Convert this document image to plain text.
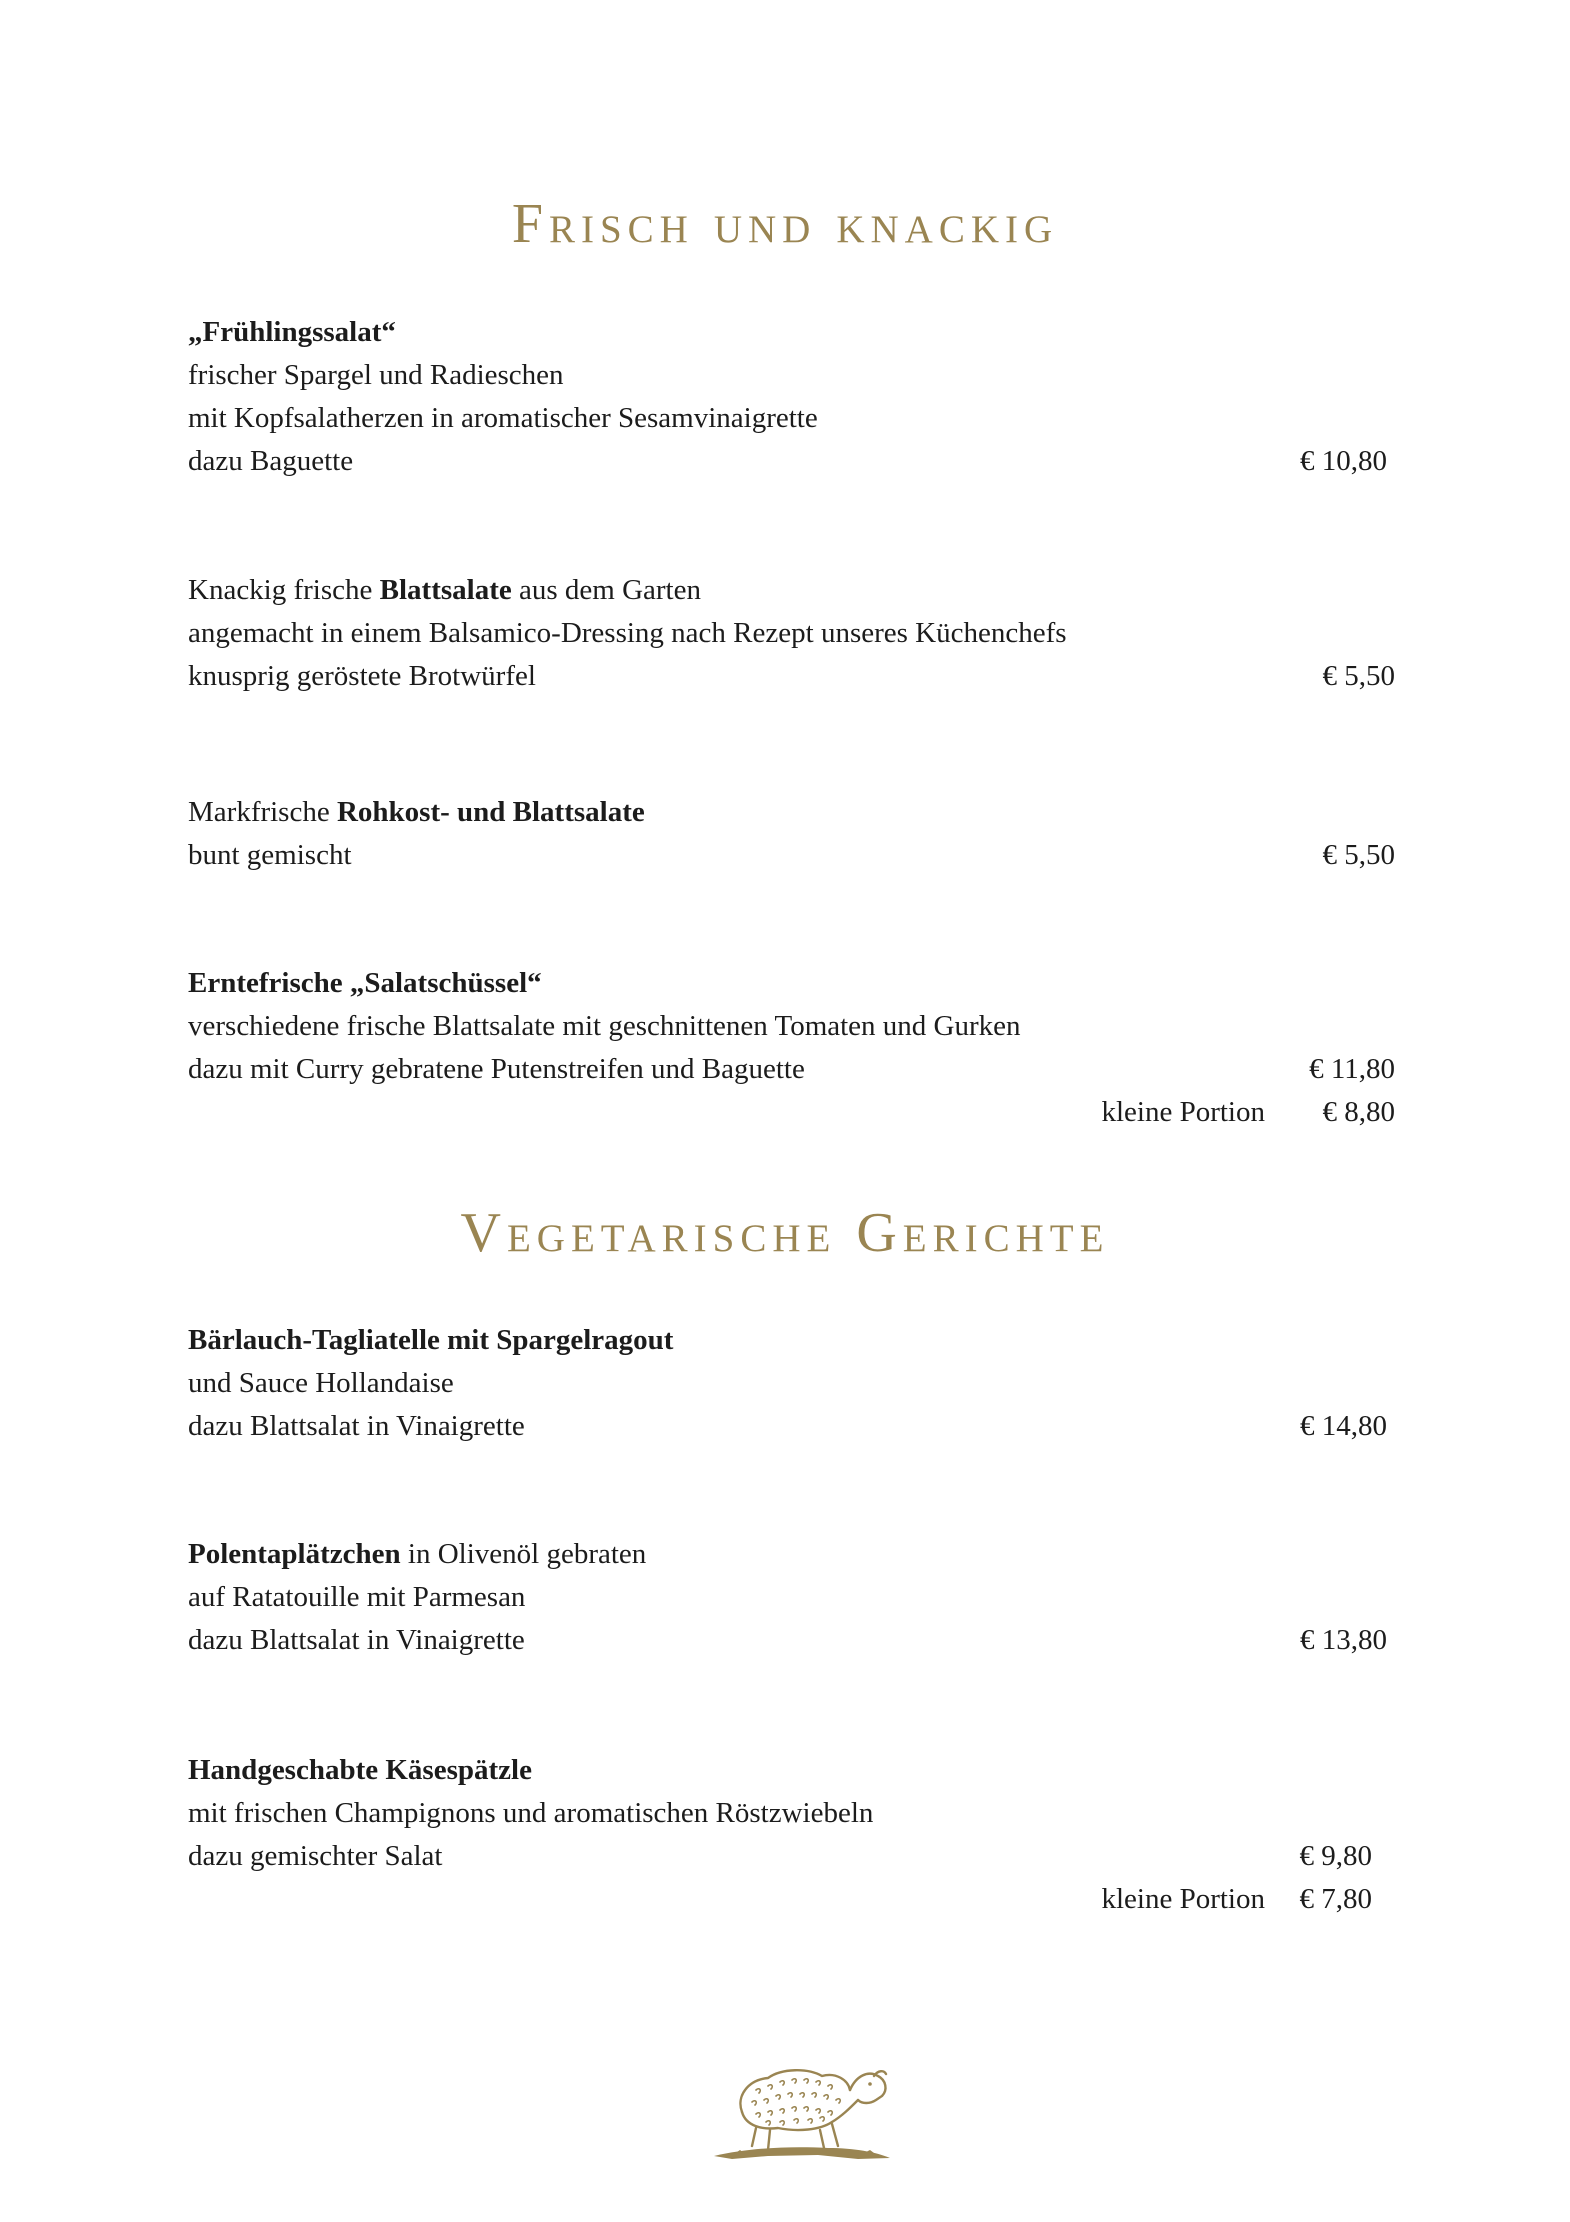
Frisch und knackig
Vegetarische Gerichte
„Frühlingssalat“
frischer Spargel und Radieschen
mit Kopfsalatherzen in aromatischer Sesamvinaigrette
dazu Baguette	€ 10,80
Knackig frische Blattsalate aus dem Garten
angemacht in einem Balsamico-Dressing nach Rezept unseres Küchenchefs
knusprig geröstete Brotwürfel	€ 5,50
Markfrische Rohkost- und Blattsalate
bunt gemischt	€ 5,50
Erntefrische „Salatschüssel“
verschiedene frische Blattsalate mit geschnittenen Tomaten und Gurken
dazu mit Curry gebratene Putenstreifen und Baguette	€ 11,80
kleine Portion € 8,80
Bärlauch-Tagliatelle mit Spargelragout
und Sauce Hollandaise
dazu Blattsalat in Vinaigrette	€ 14,80
Polentaplätzchen in Olivenöl gebraten
auf Ratatouille mit Parmesan
dazu Blattsalat in Vinaigrette	€ 13,80
Handgeschabte Käsespätzle
mit frischen Champignons und aromatischen Röstzwiebeln
dazu gemischter Salat	€ 9,80
kleine Portion € 7,80
